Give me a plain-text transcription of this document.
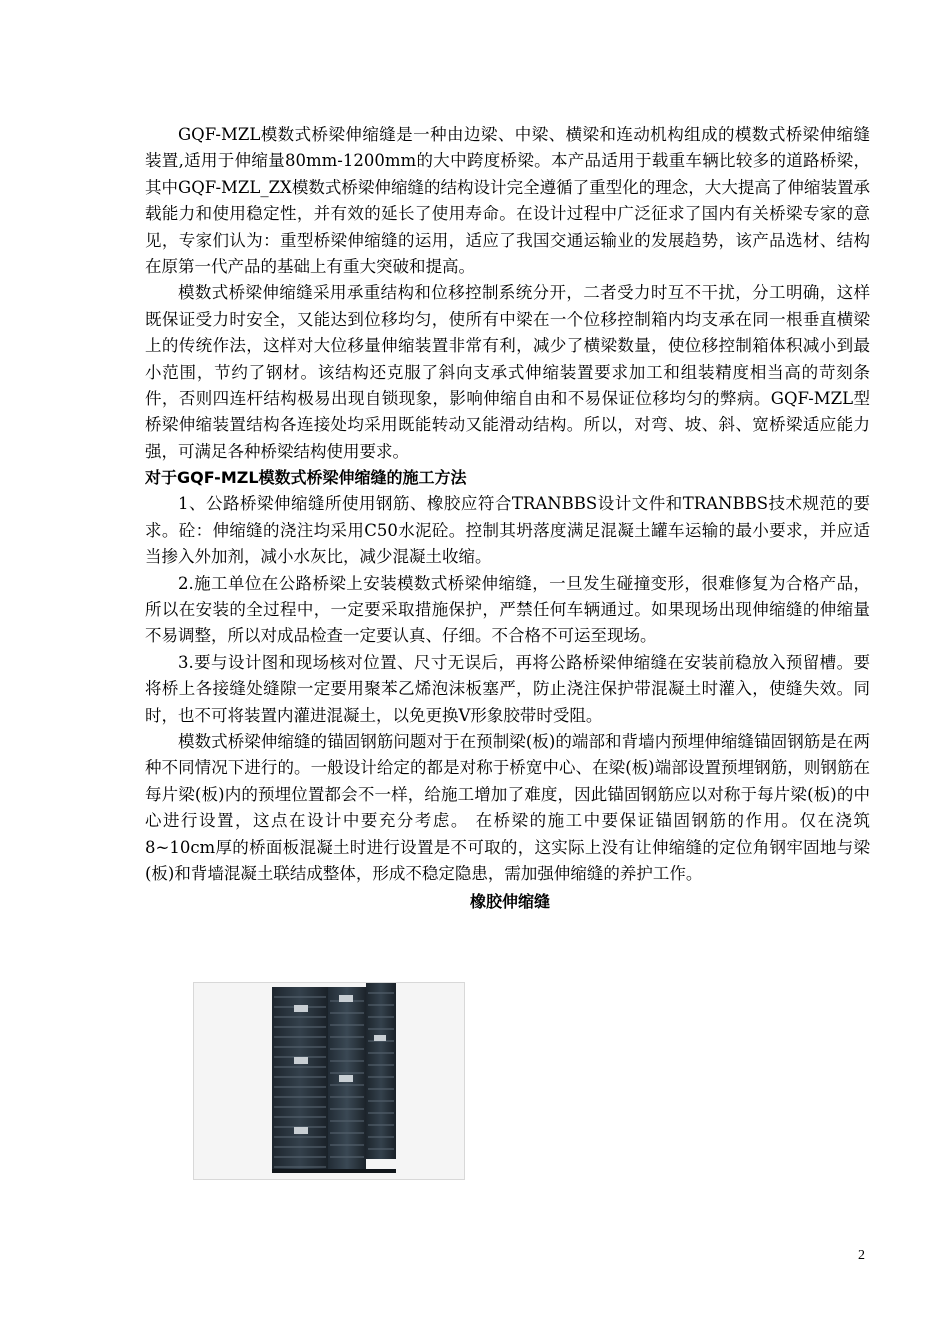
GQF-MZL模数式桥梁伸缩缝是一种由边梁、中梁、横梁和连动机构组成的模数式桥梁伸缩缝装置,适用于伸缩量80mm-1200mm的大中跨度桥梁。本产品适用于载重车辆比较多的道路桥梁，其中GQF-MZL_ZX模数式桥梁伸缩缝的结构设计完全遵循了重型化的理念，大大提高了伸缩装置承载能力和使用稳定性，并有效的延长了使用寿命。在设计过程中广泛征求了国内有关桥梁专家的意见，专家们认为：重型桥梁伸缩缝的运用，适应了我国交通运输业的发展趋势，该产品选材、结构在原第一代产品的基础上有重大突破和提高。

模数式桥梁伸缩缝采用承重结构和位移控制系统分开，二者受力时互不干扰，分工明确，这样既保证受力时安全，又能达到位移均匀，使所有中梁在一个位移控制箱内均支承在同一根垂直横梁上的传统作法，这样对大位移量伸缩装置非常有利，减少了横梁数量，使位移控制箱体积减小到最小范围，节约了钢材。该结构还克服了斜向支承式伸缩装置要求加工和组装精度相当高的苛刻条件，否则四连杆结构极易出现自锁现象，影响伸缩自由和不易保证位移均匀的弊病。GQF-MZL型桥梁伸缩装置结构各连接处均采用既能转动又能滑动结构。所以，对弯、坡、斜、宽桥梁适应能力强，可满足各种桥梁结构使用要求。

对于GQF-MZL模数式桥梁伸缩缝的施工方法

1、公路桥梁伸缩缝所使用钢筋、橡胶应符合TRANBBS设计文件和TRANBBS技术规范的要求。砼：伸缩缝的浇注均采用C50水泥砼。控制其坍落度满足混凝土罐车运输的最小要求，并应适当掺入外加剂，减小水灰比，减少混凝土收缩。

2.施工单位在公路桥梁上安装模数式桥梁伸缩缝，一旦发生碰撞变形，很难修复为合格产品，所以在安装的全过程中，一定要采取措施保护，严禁任何车辆通过。如果现场出现伸缩缝的伸缩量不易调整，所以对成品检查一定要认真、仔细。不合格不可运至现场。

3.要与设计图和现场核对位置、尺寸无误后，再将公路桥梁伸缩缝在安装前稳放入预留槽。要将桥上各接缝处缝隙一定要用聚苯乙烯泡沫板塞严，防止浇注保护带混凝土时灌入，使缝失效。同时，也不可将装置内灌进混凝土，以免更换V形象胶带时受阻。

模数式桥梁伸缩缝的锚固钢筋问题对于在预制梁(板)的端部和背墙内预埋伸缩缝锚固钢筋是在两种不同情况下进行的。一般设计给定的都是对称于桥宽中心、在梁(板)端部设置预埋钢筋，则钢筋在每片梁(板)内的预埋位置都会不一样，给施工增加了难度，因此锚固钢筋应以对称于每片梁(板)的中心进行设置，这点在设计中要充分考虑。 在桥梁的施工中要保证锚固钢筋的作用。仅在浇筑8~10cm厚的桥面板混凝土时进行设置是不可取的，这实际上没有让伸缩缝的定位角钢牢固地与梁(板)和背墙混凝土联结成整体，形成不稳定隐患，需加强伸缩缝的养护工作。

橡胶伸缩缝
2
